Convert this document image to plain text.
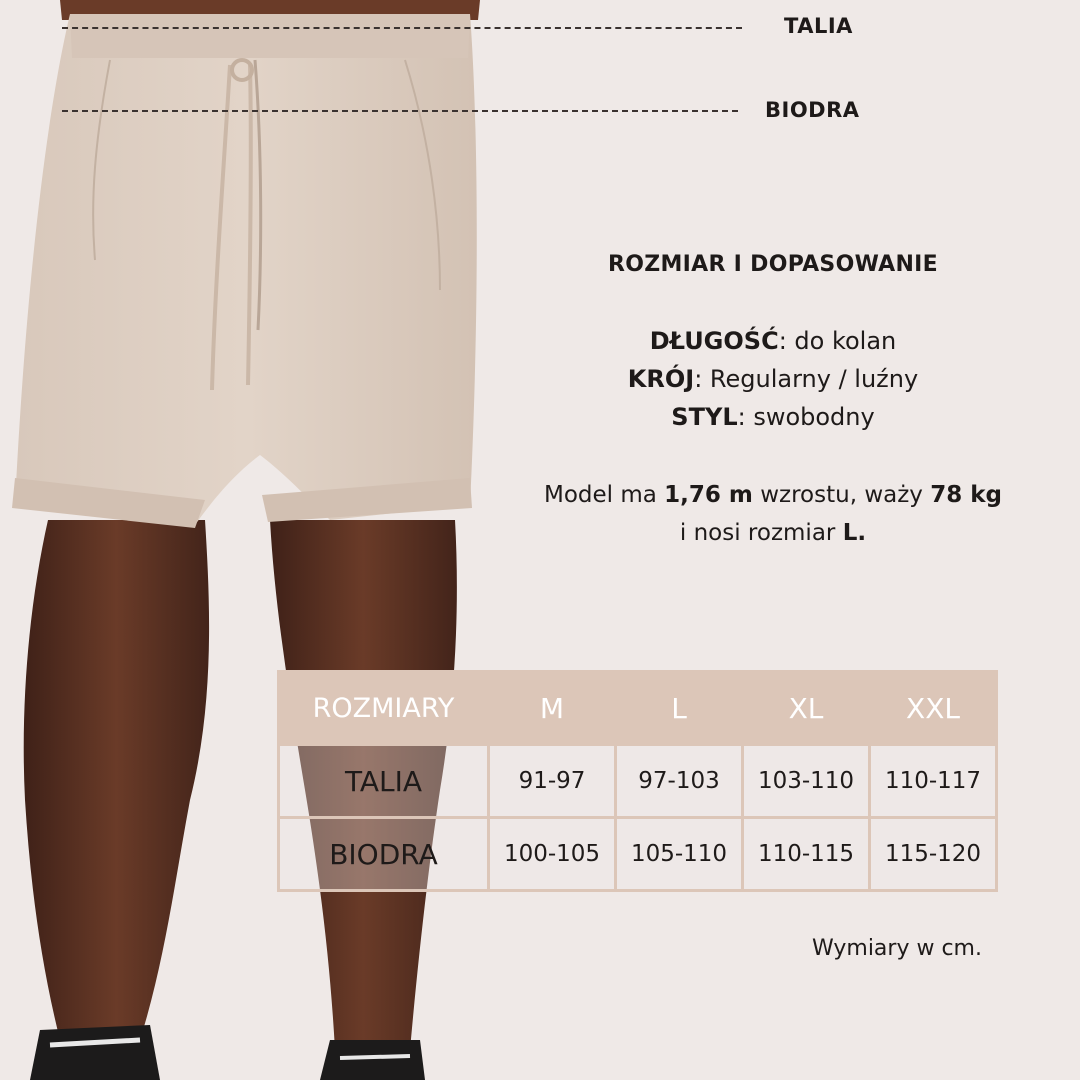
TALIA
BIODRA
ROZMIAR I DOPASOWANIE
DŁUGOŚĆ: do kolan
KRÓJ: Regularny / luźny
STYL: swobodny
Model ma 1,76 m wzrostu, waży 78 kg
i nosi rozmiar L.
ROZMIARY	M	L	XL	XXL
TALIA	91-97	97-103	103-110	110-117
BIODRA	100-105	105-110	110-115	115-120
Wymiary w cm.
